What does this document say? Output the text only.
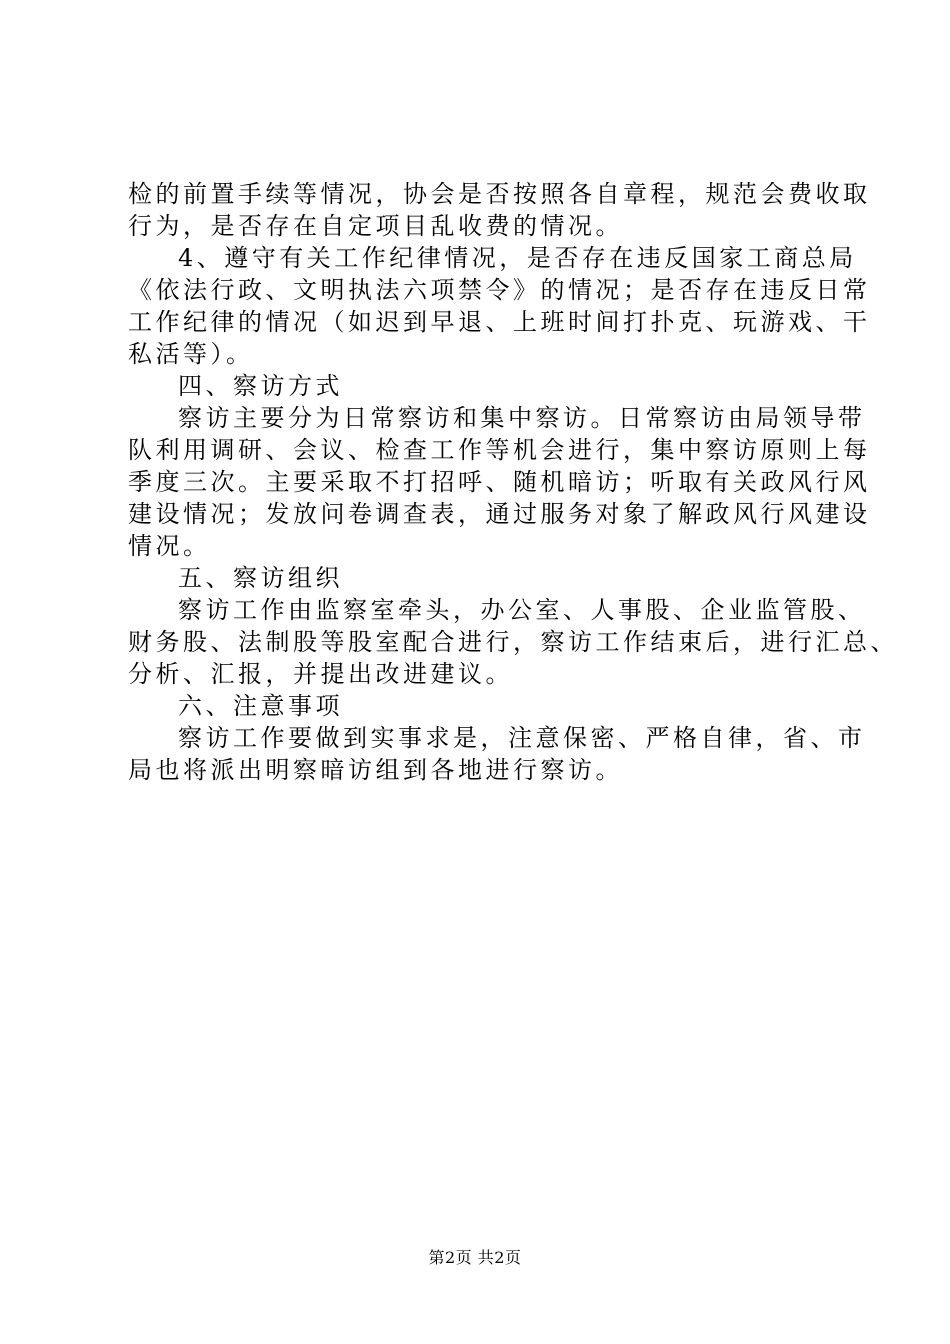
检的前置手续等情况，协会是否按照各自章程，规范会费收取
行为，是否存在自定项目乱收费的情况。
4、遵守有关工作纪律情况，是否存在违反国家工商总局
《依法行政、文明执法六项禁令》的情况；是否存在违反日常
工作纪律的情况（如迟到早退、上班时间打扑克、玩游戏、干
私活等）。
四、察访方式
察访主要分为日常察访和集中察访。日常察访由局领导带
队利用调研、会议、检查工作等机会进行，集中察访原则上每
季度三次。主要采取不打招呼、随机暗访；听取有关政风行风
建设情况；发放问卷调查表，通过服务对象了解政风行风建设
情况。
五、察访组织
察访工作由监察室牵头，办公室、人事股、企业监管股、
财务股、法制股等股室配合进行，察访工作结束后，进行汇总、
分析、汇报，并提出改进建议。
六、注意事项
察访工作要做到实事求是，注意保密、严格自律，省、市
局也将派出明察暗访组到各地进行察访。
第2页 共2页
